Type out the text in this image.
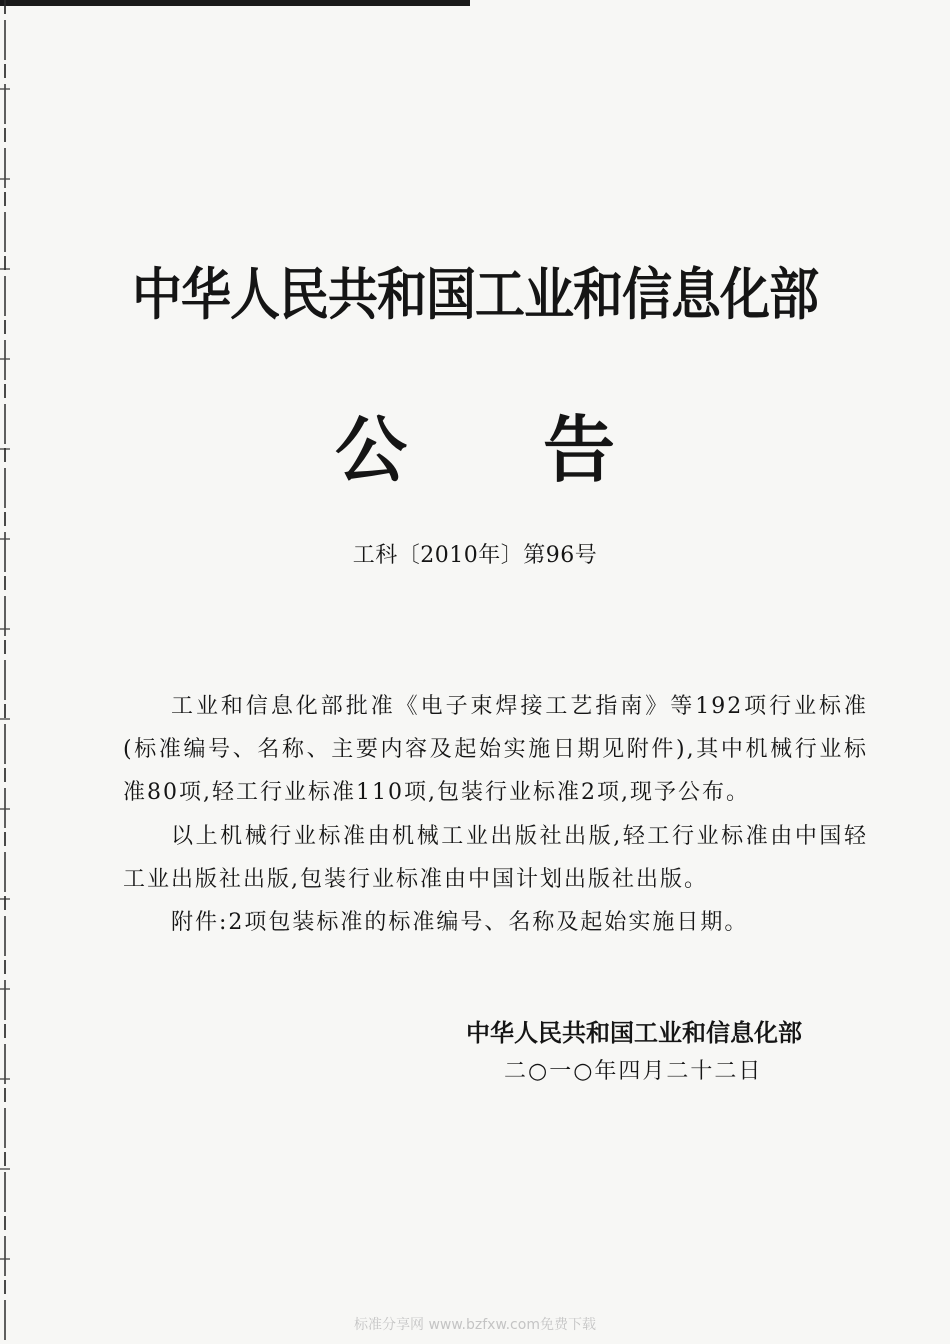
中华人民共和国工业和信息化部
公告
工科〔2010年〕第96号
工业和信息化部批准《电子束焊接工艺指南》等192项行业标准(标准编号、名称、主要内容及起始实施日期见附件),其中机械行业标准80项,轻工行业标准110项,包装行业标准2项,现予公布。
以上机械行业标准由机械工业出版社出版,轻工行业标准由中国轻工业出版社出版,包装行业标准由中国计划出版社出版。
附件:2项包装标准的标准编号、名称及起始实施日期。
中华人民共和国工业和信息化部
二○一○年四月二十二日
标准分享网 www.bzfxw.com免费下载
